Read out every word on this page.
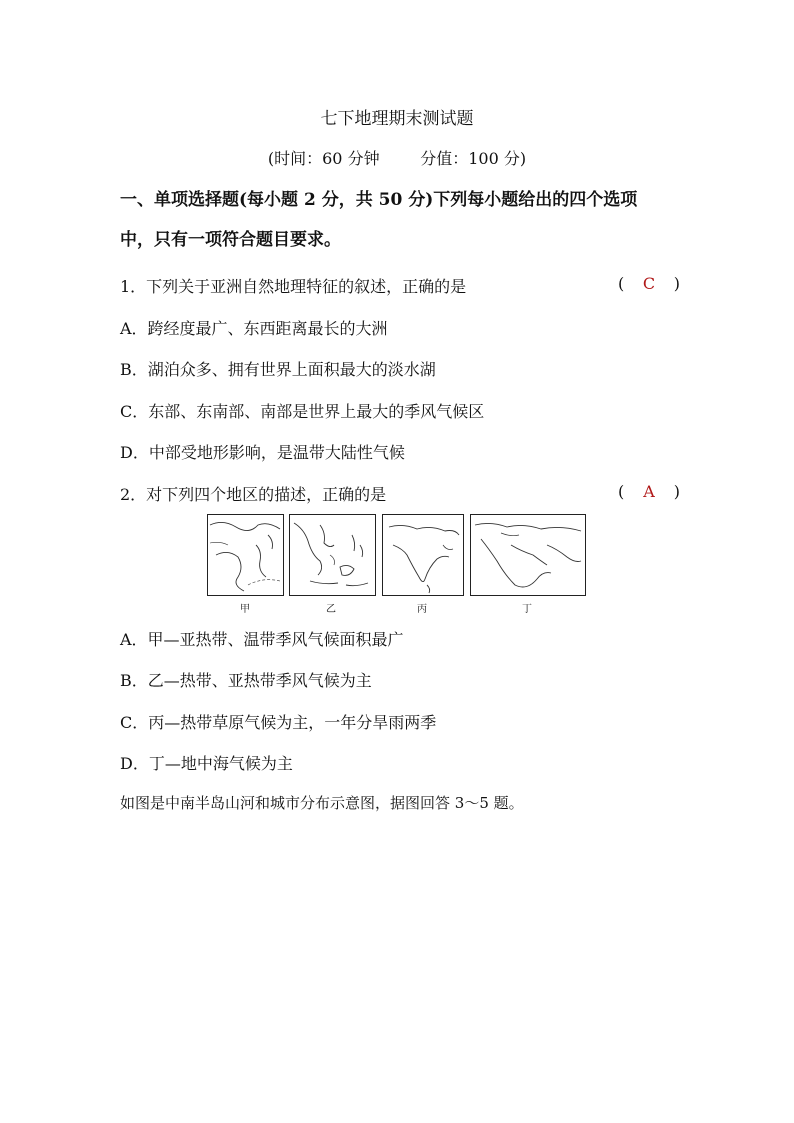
七下地理期末测试题
(时间：60 分钟        分值：100 分)
一、单项选择题(每小题 2 分，共 50 分)下列每小题给出的四个选项
中，只有一项符合题目要求。
1．下列关于亚洲自然地理特征的叙述，正确的是	( C )
A．跨经度最广、东西距离最长的大洲
B．湖泊众多、拥有世界上面积最大的淡水湖
C．东部、东南部、南部是世界上最大的季风气候区
D．中部受地形影响，是温带大陆性气候
2．对下列四个地区的描述，正确的是	( A )
甲	乙	丙	丁
A．甲—亚热带、温带季风气候面积最广
B．乙—热带、亚热带季风气候为主
C．丙—热带草原气候为主，一年分旱雨两季
D．丁—地中海气候为主
如图是中南半岛山河和城市分布示意图，据图回答 3～5 题。
